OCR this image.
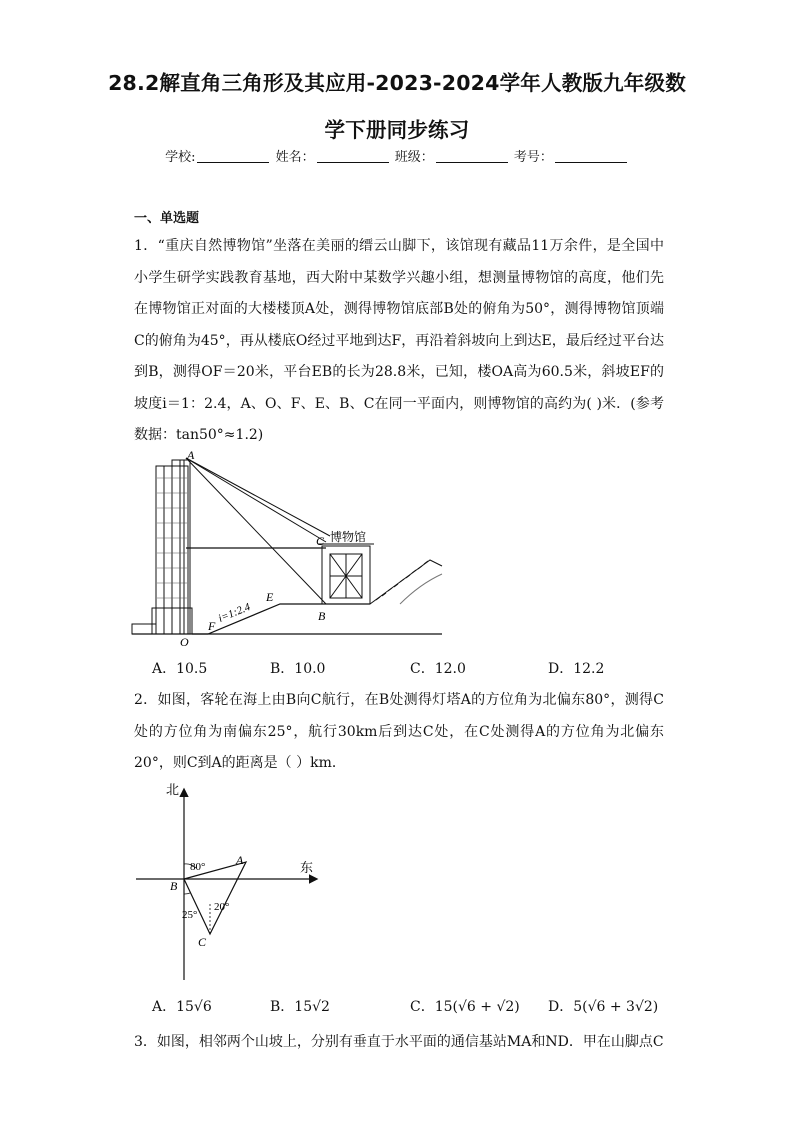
28.2解直角三角形及其应用-2023-2024学年人教版九年级数
学下册同步练习
学校:	姓名：	班级：	考号：
一、单选题
1．“重庆自然博物馆”坐落在美丽的缙云山脚下，该馆现有藏品11万余件，是全国中小学生研学实践教育基地，西大附中某数学兴趣小组，想测量博物馆的高度，他们先在博物馆正对面的大楼楼顶A处，测得博物馆底部B处的俯角为50°，测得博物馆顶端C的俯角为45°，再从楼底O经过平地到达F，再沿着斜坡向上到达E，最后经过平台达到B，测得OF＝20米，平台EB的长为28.8米，已知，楼OA高为60.5米，斜坡EF的坡度i＝1：2.4，A、O、F、E、B、C在同一平面内，则博物馆的高约为( )米．(参考数据：tan50°≈1.2)
A
C 博物馆
B
E
F
i=1:2.4
O
A．10.5	B．10.0	C．12.0	D．12.2
2．如图，客轮在海上由B向C航行，在B处测得灯塔A的方位角为北偏东80°，测得C处的方位角为南偏东25°，航行30km后到达C处，在C处测得A的方位角为北偏东20°，则C到A的距离是（ ）km．
北
东
A
B
C
80°
25°
20°
A．15√6	B．15√2	C．15(√6 + √2) D．5(√6 + 3√2)
3．如图，相邻两个山坡上，分别有垂直于水平面的通信基站MA和ND．甲在山脚点C
